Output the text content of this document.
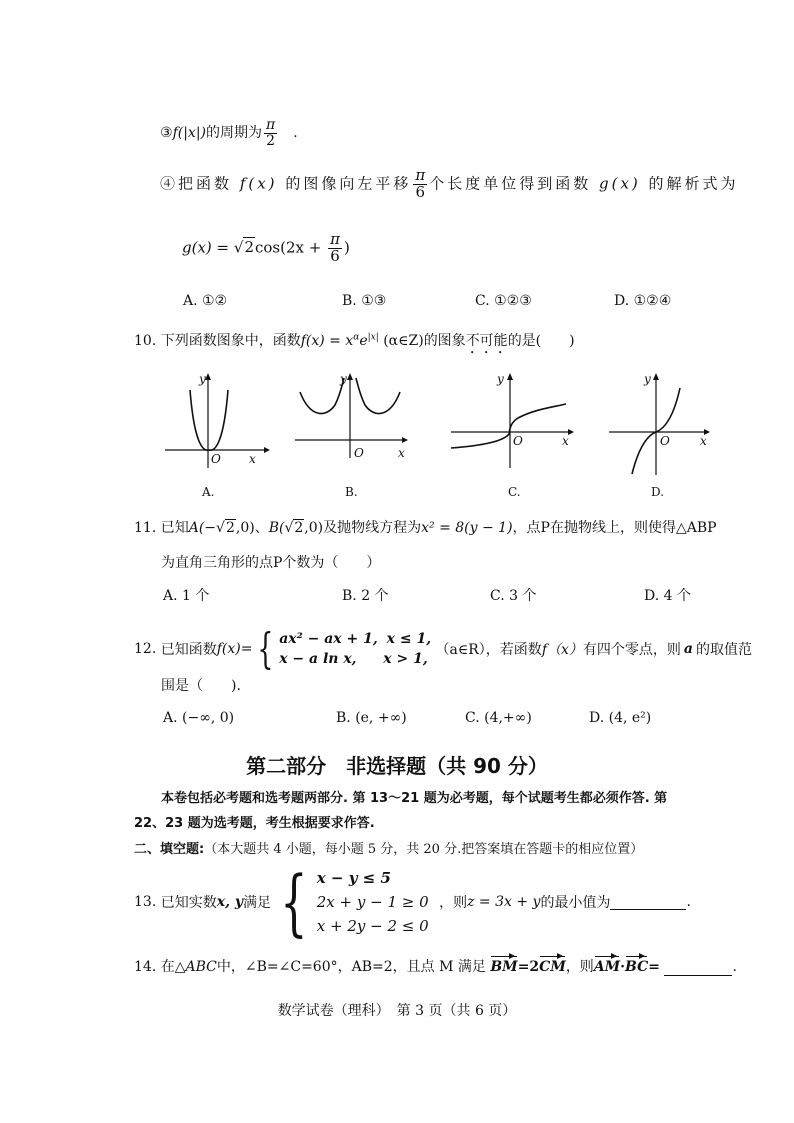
③f(|x|)的周期为 $\frac{\pi}{2}$ .
④把函数 f(x) 的图像向左平移 $\frac{\pi}{6}$ 个长度单位得到函数 g(x) 的解析式为
$g(x) = √2\cos(2x + \frac{\pi}{6}$ )
A. ①②	B. ①③	C. ①②③	D. ①②④
10. 下列函数图象中，函数$f(x) = x^\alpha e^{|x|}$ (α∈Z)的图象不可能的是(　　)
y
x
O
A.
y
x
O
B.
y
x
O
C.
y
x
O
D.
11. 已知A(−√2,0)、B(√2,0)及抛物线方程为x² = 8(y − 1)，点P在抛物线上，则使得△ABP
为直角三角形的点P个数为（　　）
A. 1 个	B. 2 个	C. 3 个	D. 4 个
12. 已知函数f(x)= { ax² − ax + 1, x ≤ 1,
x − a ln x, x > 1, （a∈R），若函数f（x）有四个零点，则 a 的取值范
围是（　　).
A. (−∞, 0)	B. (e, +∞)	C. (4,+∞)	D. (4, e²)
第二部分　非选择题（共 90 分）
本卷包括必考题和选考题两部分. 第 13～21 题为必考题，每个试题考生都必须作答. 第
22、23 题为选考题，考生根据要求作答.
二、填空题:（本大题共 4 小题，每小题 5 分，共 20 分.把答案填在答题卡的相应位置）
13. 已知实数x, y满足 { x − y ≤ 5
2x + y − 1 ≥ 0
x + 2y − 2 ≤ 0 ，则z = 3x + y的最小值为	.
14. 在△ABC中，∠B=∠C=60°，AB=2，且点 M 满足 BM=2CM，则AM·BC=	.
数学试卷（理科）　第 3 页（共 6 页）
